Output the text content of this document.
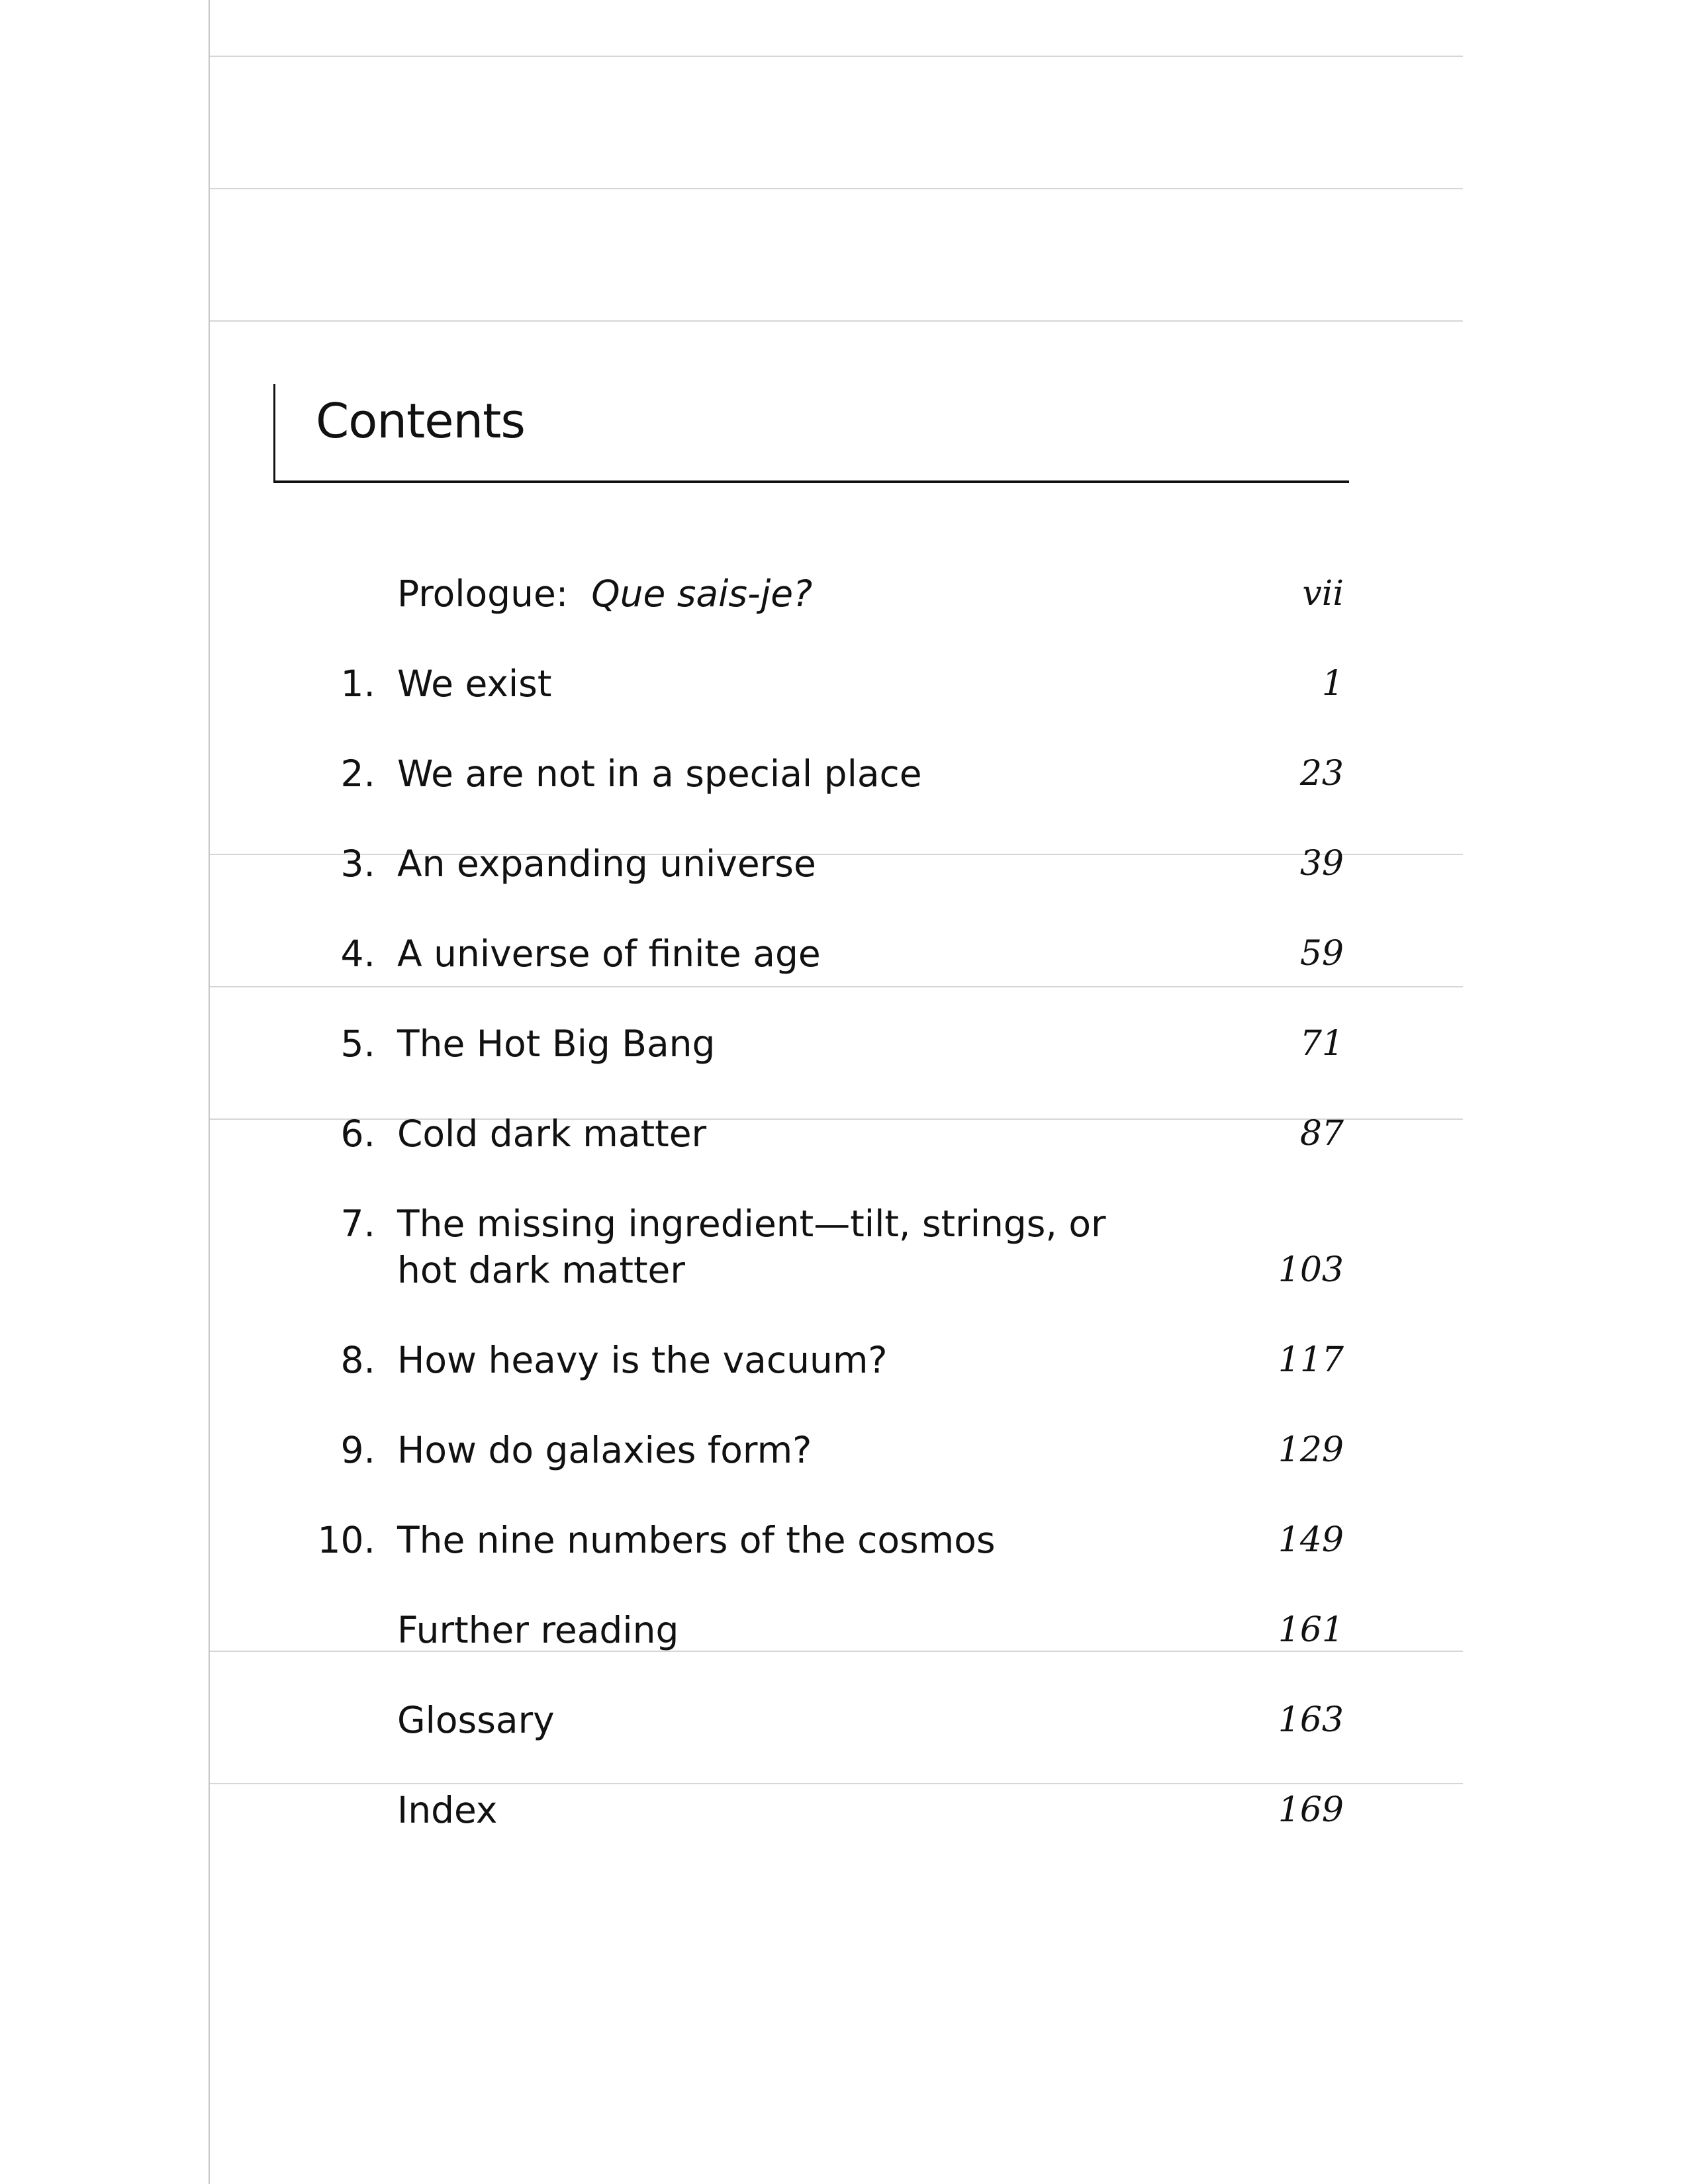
Contents
Prologue: Que sais-je?	vii
1. We exist	1
2. We are not in a special place	23
3. An expanding universe	39
4. A universe of finite age	59
5. The Hot Big Bang	71
6. Cold dark matter	87
7. The missing ingredient—tilt, strings, or hot dark matter	103
8. How heavy is the vacuum?	117
9. How do galaxies form?	129
10. The nine numbers of the cosmos	149
Further reading	161
Glossary	163
Index	169
